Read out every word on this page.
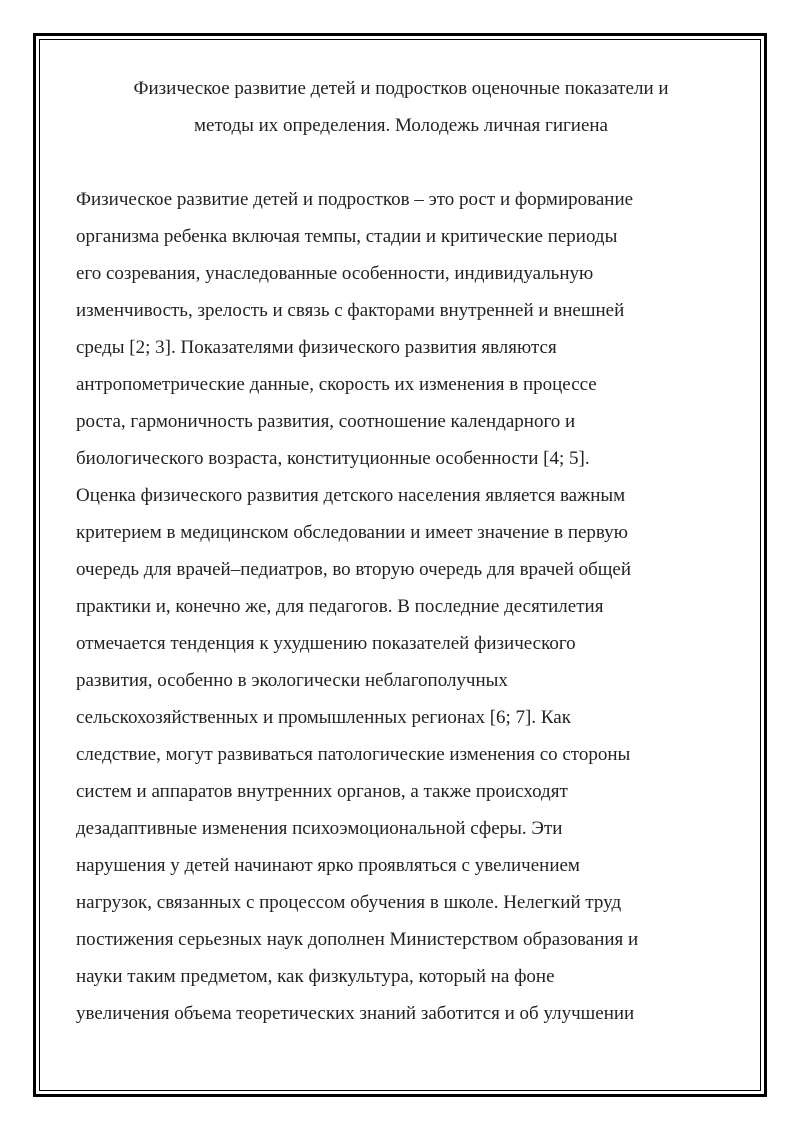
Физическое развитие детей и подростков оценочные показатели и
методы их определения. Молодежь личная гигиена
Физическое развитие детей и подростков – это рост и формирование
организма ребенка включая темпы, стадии и критические периоды
его созревания, унаследованные особенности, индивидуальную
изменчивость, зрелость и связь с факторами внутренней и внешней
среды [2; 3]. Показателями физического развития являются
антропометрические данные, скорость их изменения в процессе
роста, гармоничность развития, соотношение календарного и
биологического возраста, конституционные особенности [4; 5].
Оценка физического развития детского населения является важным
критерием в медицинском обследовании и имеет значение в первую
очередь для врачей–педиатров, во вторую очередь для врачей общей
практики и, конечно же, для педагогов. В последние десятилетия
отмечается тенденция к ухудшению показателей физического
развития, особенно в экологически неблагополучных
сельскохозяйственных и промышленных регионах [6; 7]. Как
следствие, могут развиваться патологические изменения со стороны
систем и аппаратов внутренних органов, а также происходят
дезадаптивные изменения психоэмоциональной сферы. Эти
нарушения у детей начинают ярко проявляться с увеличением
нагрузок, связанных с процессом обучения в школе. Нелегкий труд
постижения серьезных наук дополнен Министерством образования и
науки таким предметом, как физкультура, который на фоне
увеличения объема теоретических знаний заботится и об улучшении
